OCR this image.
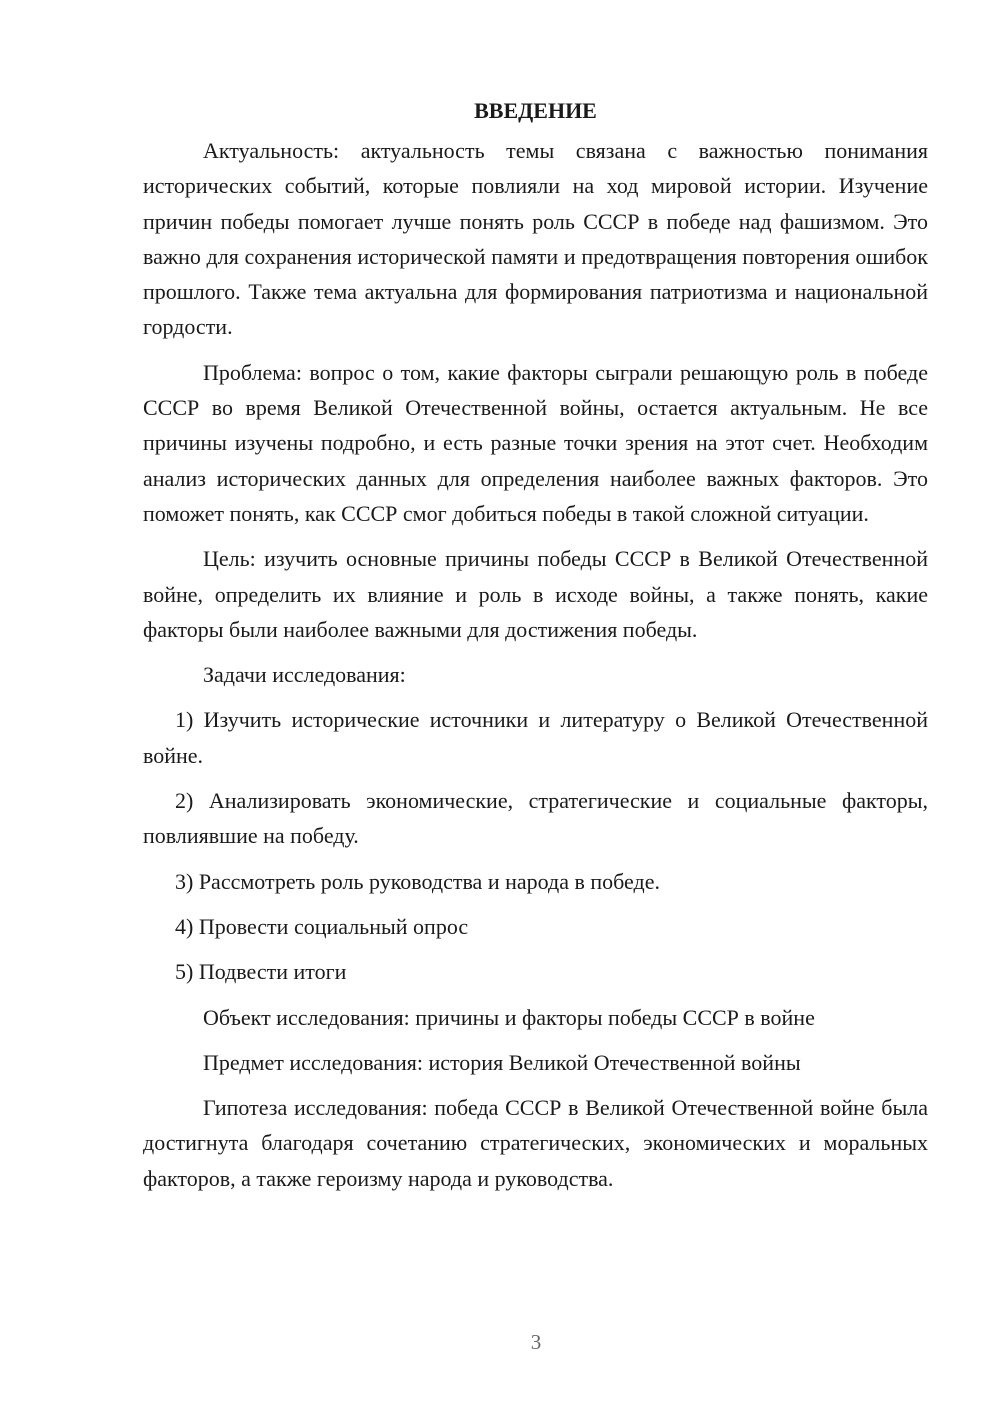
ВВЕДЕНИЕ

Актуальность: актуальность темы связана с важностью понимания исторических событий, которые повлияли на ход мировой истории. Изучение причин победы помогает лучше понять роль СССР в победе над фашизмом. Это важно для сохранения исторической памяти и предотвращения повторения ошибок прошлого. Также тема актуальна для формирования патриотизма и национальной гордости.

Проблема: вопрос о том, какие факторы сыграли решающую роль в победе СССР во время Великой Отечественной войны, остается актуальным. Не все причины изучены подробно, и есть разные точки зрения на этот счет. Необходим анализ исторических данных для определения наиболее важных факторов. Это поможет понять, как СССР смог добиться победы в такой сложной ситуации.

Цель: изучить основные причины победы СССР в Великой Отечественной войне, определить их влияние и роль в исходе войны, а также понять, какие факторы были наиболее важными для достижения победы.

Задачи исследования:

1) Изучить исторические источники и литературу о Великой Отечественной войне.

2) Анализировать экономические, стратегические и социальные факторы, повлиявшие на победу.

3) Рассмотреть роль руководства и народа в победе.

4) Провести социальный опрос

5) Подвести итоги

Объект исследования: причины и факторы победы СССР в войне

Предмет исследования: история Великой Отечественной войны

Гипотеза исследования: победа СССР в Великой Отечественной войне была достигнута благодаря сочетанию стратегических, экономических и моральных факторов, а также героизму народа и руководства.

3
